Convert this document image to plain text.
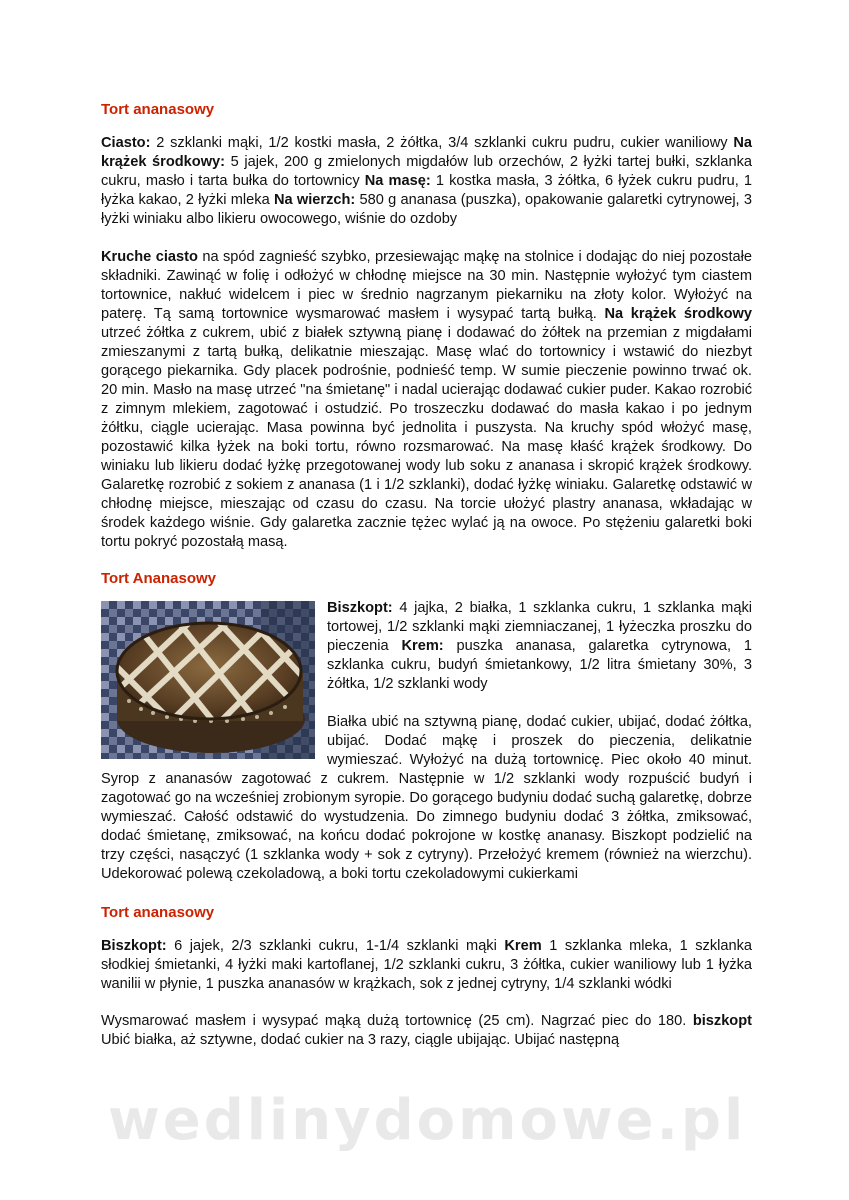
Tort ananasowy

Ciasto: 2 szklanki mąki, 1/2 kostki masła, 2 żółtka, 3/4 szklanki cukru pudru, cukier waniliowy Na krążek środkowy: 5 jajek, 200 g zmielonych migdałów lub orzechów, 2 łyżki tartej bułki, szklanka cukru, masło i tarta bułka do tortownicy Na masę: 1 kostka masła, 3 żółtka, 6 łyżek cukru pudru, 1 łyżka kakao, 2 łyżki mleka Na wierzch: 580 g ananasa (puszka), opakowanie galaretki cytrynowej, 3 łyżki winiaku albo likieru owocowego, wiśnie do ozdoby

Kruche ciasto na spód zagnieść szybko, przesiewając mąkę na stolnice i dodając do niej pozostałe składniki. Zawinąć w folię i odłożyć w chłodnę miejsce na 30 min. Następnie wyłożyć tym ciastem tortownice, nakłuć widelcem i piec w średnio nagrzanym piekarniku na złoty kolor. Wyłożyć na paterę. Tą samą tortownice wysmarować masłem i wysypać tartą bułką. Na krążek środkowy utrzeć żółtka z cukrem, ubić z białek sztywną pianę i dodawać do żółtek na przemian z migdałami zmieszanymi z tartą bułką, delikatnie mieszając. Masę wlać do tortownicy i wstawić do niezbyt gorącego piekarnika. Gdy placek podrośnie, podnieść temp. W sumie pieczenie powinno trwać ok. 20 min. Masło na masę utrzeć "na śmietanę" i nadal ucierając dodawać cukier puder. Kakao rozrobić z zimnym mlekiem, zagotować i ostudzić. Po troszeczku dodawać do masła kakao i po jednym żółtku, ciągle ucierając. Masa powinna być jednolita i puszysta. Na kruchy spód włożyć masę, pozostawić kilka łyżek na boki tortu, równo rozsmarować. Na masę kłaść krążek środkowy. Do winiaku lub likieru dodać łyżkę przegotowanej wody lub soku z ananasa i skropić krążek środkowy. Galaretkę rozrobić z sokiem z ananasa (1 i 1/2 szklanki), dodać łyżkę winiaku. Galaretkę odstawić w chłodnę miejsce, mieszając od czasu do czasu. Na torcie ułożyć plastry ananasa, wkładając w środek każdego wiśnie. Gdy galaretka zacznie tężec wylać ją na owoce. Po stężeniu galaretki boki tortu pokryć pozostałą masą.

Tort Ananasowy

Biszkopt: 4 jajka, 2 białka, 1 szklanka cukru, 1 szklanka mąki tortowej, 1/2 szklanki mąki ziemniaczanej, 1 łyżeczka proszku do pieczenia Krem: puszka ananasa, galaretka cytrynowa, 1 szklanka cukru, budyń śmietankowy, 1/2 litra śmietany 30%, 3 żółtka, 1/2 szklanki wody

Białka ubić na sztywną pianę, dodać cukier, ubijać, dodać żółtka, ubijać. Dodać mąkę i proszek do pieczenia, delikatnie wymieszać. Wyłożyć na dużą tortownicę. Piec około 40 minut. Syrop z ananasów zagotować z cukrem. Następnie w 1/2 szklanki wody rozpuścić budyń i zagotować go na wcześniej zrobionym syropie. Do gorącego budyniu dodać suchą galaretkę, dobrze wymieszać. Całość odstawić do wystudzenia. Do zimnego budyniu dodać 3 żółtka, zmiksować, dodać śmietanę, zmiksować, na końcu dodać pokrojone w kostkę ananasy. Biszkopt podzielić na trzy części, nasączyć (1 szklanka wody + sok z cytryny). Przełożyć kremem (również na wierzchu). Udekorować polewą czekoladową, a boki tortu czekoladowymi cukierkami

Tort ananasowy

Biszkopt: 6 jajek, 2/3 szklanki cukru, 1-1/4 szklanki mąki Krem 1 szklanka mleka, 1 szklanka słodkiej śmietanki, 4 łyżki maki kartoflanej, 1/2 szklanki cukru, 3 żółtka, cukier waniliowy lub 1 łyżka wanilii w płynie, 1 puszka ananasów w krążkach, sok z jednej cytryny, 1/4 szklanki wódki

Wysmarować masłem i wysypać mąką dużą tortownicę (25 cm). Nagrzać piec do 180. biszkopt Ubić białka, aż sztywne, dodać cukier na 3 razy, ciągle ubijając. Ubijać następną

wedlinydomowe.pl
